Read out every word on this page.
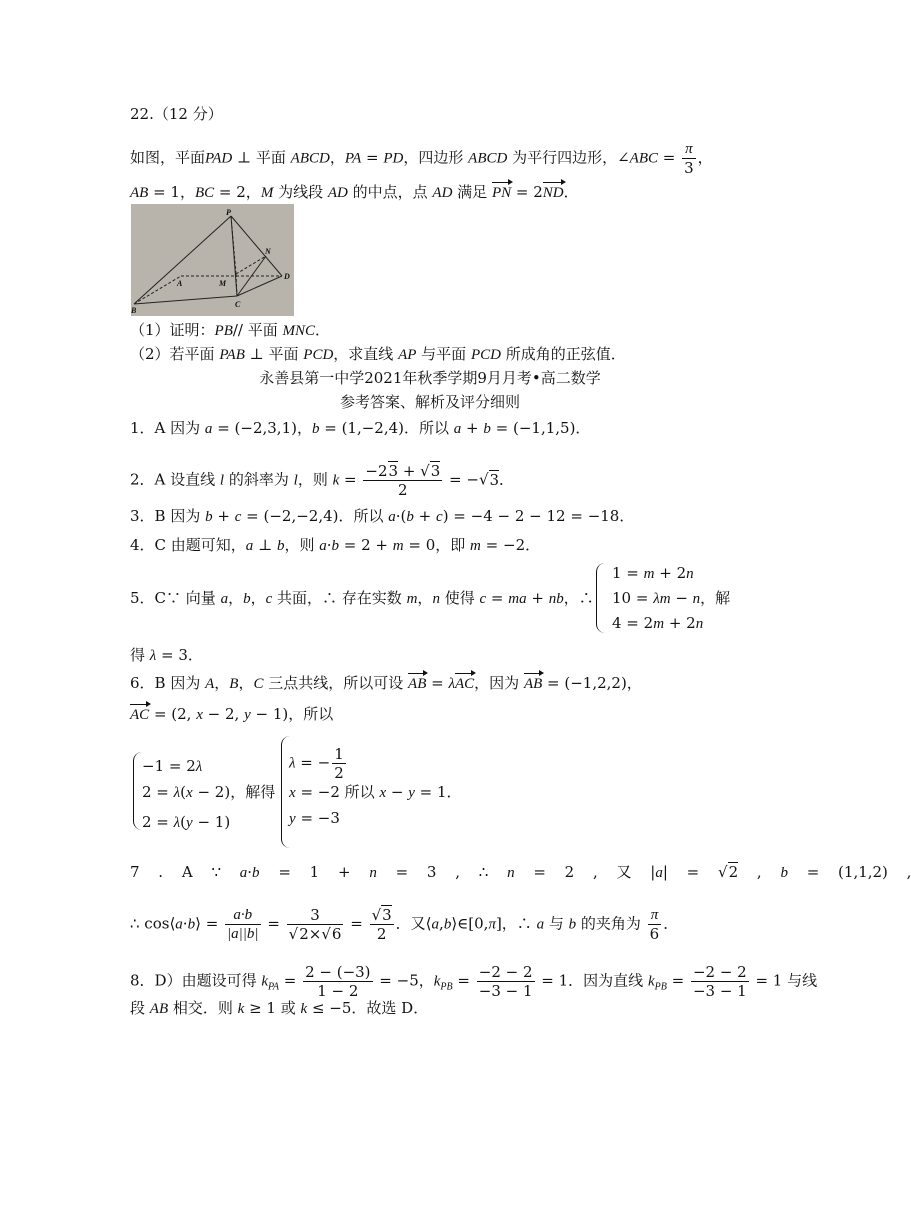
22.（12 分）
如图，平面PAD ⊥ 平面 ABCD，PA = PD，四边形 ABCD 为平行四边形，∠ABC = $\frac{\pi}{3}$ ，
AB = 1，BC = 2，M 为线段 AD 的中点，点 AD 满足 PN = 2ND．
P
N
A	M
D
B
C
（1）证明：PB// 平面 MNC．
（2）若平面 PAB ⊥ 平面 PCD，求直线 AP 与平面 PCD 所成角的正弦值．
永善县第一中学2021年秋季学期9月月考•高二数学
参考答案、解析及评分细则
1．A 因为 a = (−2,3,1)，b = (1,−2,4)．所以 a + b = (−1,1,5)．
2．A 设直线 l 的斜率为 l，则 $k = \frac{-23 + √3}{2} = -√3$．
3．B 因为 b + c = (−2,−2,4)．所以 a·(b + c) = −4 − 2 − 12 = −18．
4．C 由题可知，a ⊥ b，则 a·b = 2 + m = 0，即 m = −2．
5．C∵ 向量 a，b，c 共面，∴ 存在实数 m，n 使得 c = ma + nb，∴
1 = m + 2n
10 = λm − n，解
4 = 2m + 2n
得 λ = 3．
6．B 因为 A，B，C 三点共线，所以可设 AB = λAC，因为 AB = (−1,2,2)，
AC = (2, x − 2, y − 1)，所以
−1 = 2λ
2 = λ(x − 2)，解得
2 = λ(y − 1)
λ = − $\frac{1}{2}$
x = −2 所以 x − y = 1．
y = −3
7 . A ∵ a·b = 1 + n = 3 , ∴ n = 2 , 又 |a| = √2 , b = (1,1,2) ,
∴ cos⟨a·b⟩ = $\frac{a\cdot b}{|a||b|} = \frac{3}{√2\times√6} = \frac{√3}{2}$ ．又⟨a,b⟩∈[0,π]，∴ a 与 b 的夹角为 $\frac{\pi}{6}$ ．
8．D）由题设可得 $k_{PA} = \frac{2 - (-3)}{1 - 2} = -5$，$k_{PB} = \frac{-2 - 2}{-3 - 1} = 1$．因为直线 $k_{PB} = \frac{-2 - 2}{-3 - 1} = 1$ 与线
段 AB 相交．则 k ≥ 1 或 k ≤ −5．故选 D．
